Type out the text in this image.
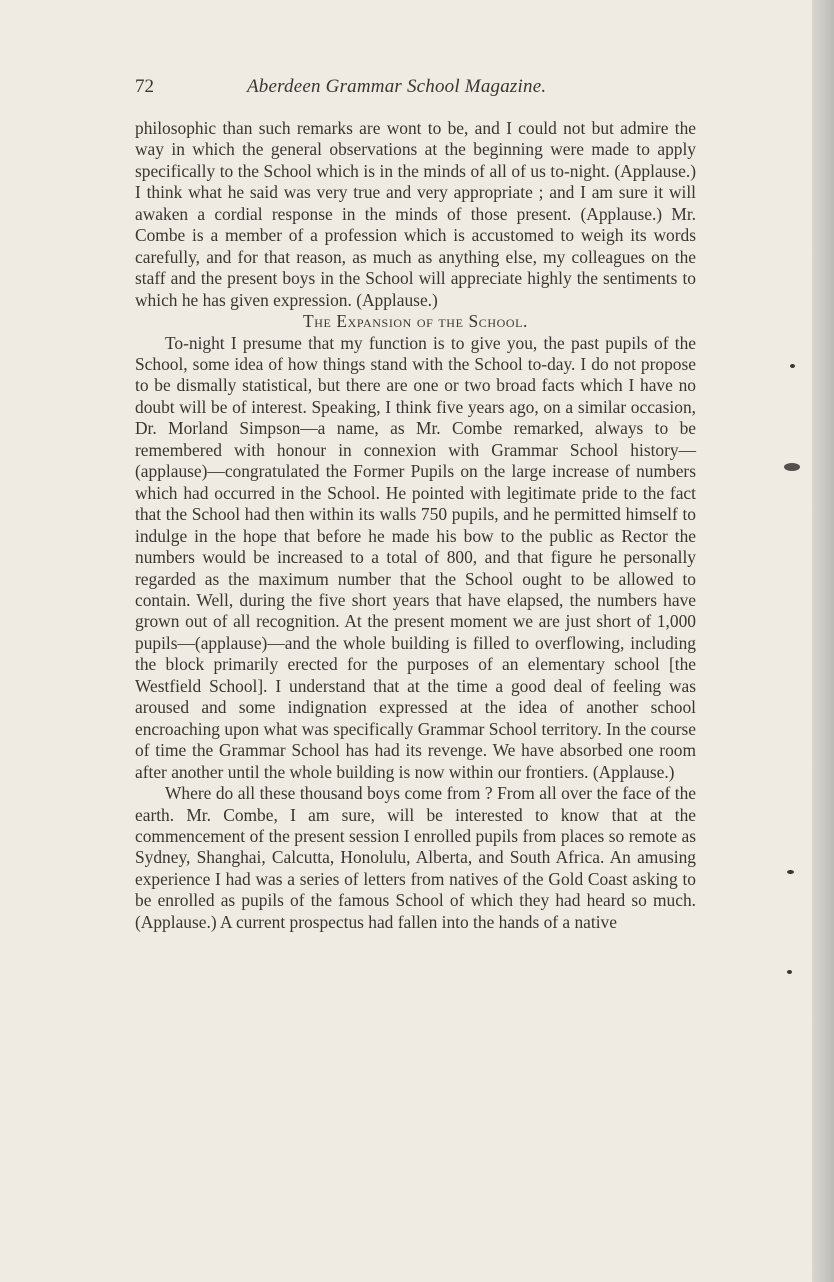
72	Aberdeen Grammar School Magazine.

philosophic than such remarks are wont to be, and I could not but admire the way in which the general observations at the beginning were made to apply specifically to the School which is in the minds of all of us to-night. (Applause.) I think what he said was very true and very appropriate ; and I am sure it will awaken a cordial response in the minds of those present. (Applause.) Mr. Combe is a member of a profession which is accustomed to weigh its words carefully, and for that reason, as much as anything else, my colleagues on the staff and the present boys in the School will appreciate highly the sentiments to which he has given expression. (Applause.)

The Expansion of the School.

To-night I presume that my function is to give you, the past pupils of the School, some idea of how things stand with the School to-day. I do not propose to be dismally statistical, but there are one or two broad facts which I have no doubt will be of interest. Speaking, I think five years ago, on a similar occasion, Dr. Morland Simpson—a name, as Mr. Combe remarked, always to be remembered with honour in connexion with Grammar School history—(applause)—congratulated the Former Pupils on the large increase of numbers which had occurred in the School. He pointed with legitimate pride to the fact that the School had then within its walls 750 pupils, and he permitted himself to indulge in the hope that before he made his bow to the public as Rector the numbers would be increased to a total of 800, and that figure he personally regarded as the maximum number that the School ought to be allowed to contain. Well, during the five short years that have elapsed, the numbers have grown out of all recognition. At the present moment we are just short of 1,000 pupils—(applause)—and the whole building is filled to overflowing, including the block primarily erected for the purposes of an elementary school [the Westfield School]. I understand that at the time a good deal of feeling was aroused and some indignation expressed at the idea of another school encroaching upon what was specifically Grammar School territory. In the course of time the Grammar School has had its revenge. We have absorbed one room after another until the whole building is now within our frontiers. (Applause.)

Where do all these thousand boys come from ? From all over the face of the earth. Mr. Combe, I am sure, will be interested to know that at the commencement of the present session I enrolled pupils from places so remote as Sydney, Shanghai, Calcutta, Honolulu, Alberta, and South Africa. An amusing experience I had was a series of letters from natives of the Gold Coast asking to be enrolled as pupils of the famous School of which they had heard so much. (Applause.) A current prospectus had fallen into the hands of a native
